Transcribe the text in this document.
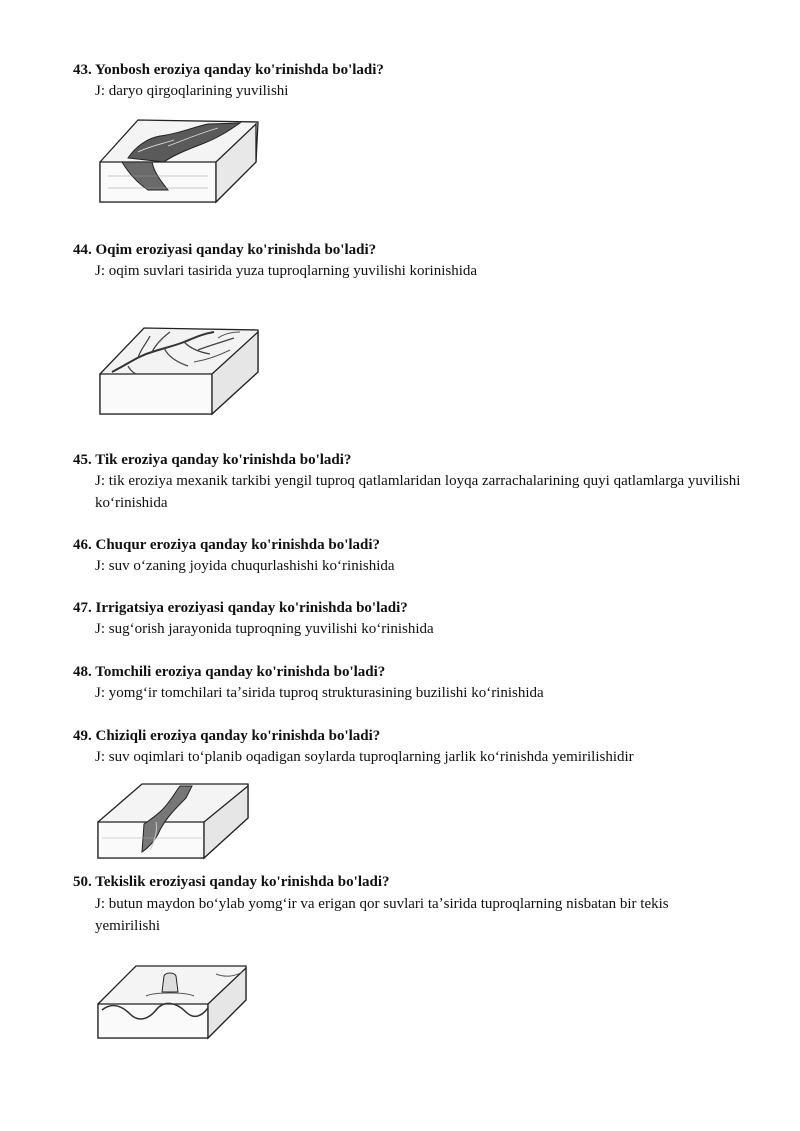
43. Yonbosh eroziya qanday ko'rinishda bo'ladi?
J: daryo qirgoqlarining yuvilishi
44. Oqim eroziyasi qanday ko'rinishda bo'ladi?
J: oqim suvlari tasirida yuza tuproqlarning yuvilishi korinishida
45. Tik eroziya qanday ko'rinishda bo'ladi?
J: tik eroziya mexanik tarkibi yengil tuproq qatlamlaridan loyqa zarrachalarining quyi qatlamlarga yuvilishi koʻrinishida
46. Chuqur eroziya qanday ko'rinishda bo'ladi?
J: suv oʻzaning joyida chuqurlashishi koʻrinishida
47. Irrigatsiya eroziyasi qanday ko'rinishda bo'ladi?
J: sugʻorish jarayonida tuproqning yuvilishi koʻrinishida
48. Tomchili eroziya qanday ko'rinishda bo'ladi?
J: yomgʻir tomchilari taʼsirida tuproq strukturasining buzilishi koʻrinishida
49. Chiziqli eroziya qanday ko'rinishda bo'ladi?
J: suv oqimlari toʻplanib oqadigan soylarda tuproqlarning jarlik koʻrinishda yemirilishidir
50. Tekislik eroziyasi qanday ko'rinishda bo'ladi?
J: butun maydon boʻylab yomgʻir va erigan qor suvlari taʼsirida tuproqlarning nisbatan bir tekis yemirilishi
